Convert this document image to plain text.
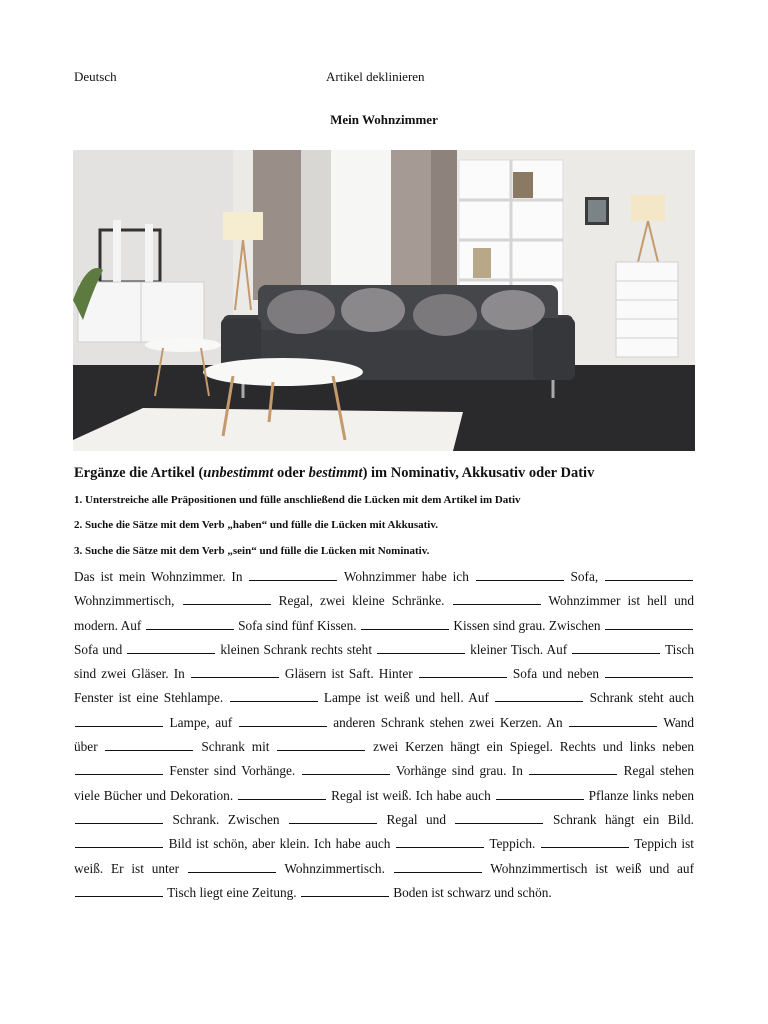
Deutsch	Artikel deklinieren
Mein Wohnzimmer
Ergänze die Artikel (unbestimmt oder bestimmt) im Nominativ, Akkusativ oder Dativ
1. Unterstreiche alle Präpositionen und fülle anschließend die Lücken mit dem Artikel im Dativ
2. Suche die Sätze mit dem Verb „haben“ und fülle die Lücken mit Akkusativ.
3. Suche die Sätze mit dem Verb „sein“ und fülle die Lücken mit Nominativ.
Das ist mein Wohnzimmer. In	Wohnzimmer habe ich	Sofa,  Wohnzimmertisch,	Regal, zwei kleine Schränke.	Wohnzimmer ist hell und modern. Auf	Sofa sind fünf Kissen.	Kissen sind grau. Zwischen  Sofa und	kleinen Schrank rechts steht	kleiner Tisch. Auf	Tisch sind zwei Gläser. In	Gläsern ist Saft. Hinter	Sofa und neben  Fenster ist eine Stehlampe.	Lampe ist weiß und hell. Auf	Schrank steht auch  Lampe, auf	anderen Schrank stehen zwei Kerzen. An	Wand über	Schrank mit	zwei Kerzen hängt ein Spiegel. Rechts und links neben  Fenster sind Vorhänge.	Vorhänge sind grau. In	Regal stehen viele Bücher und Dekoration.	Regal ist weiß. Ich habe auch	Pflanze links neben  Schrank. Zwischen	Regal und	Schrank hängt ein Bild.  Bild ist schön, aber klein. Ich habe auch	Teppich.	Teppich ist weiß. Er ist unter	Wohnzimmertisch.	Wohnzimmertisch ist weiß und auf  Tisch liegt eine Zeitung.	Boden ist schwarz und schön.
